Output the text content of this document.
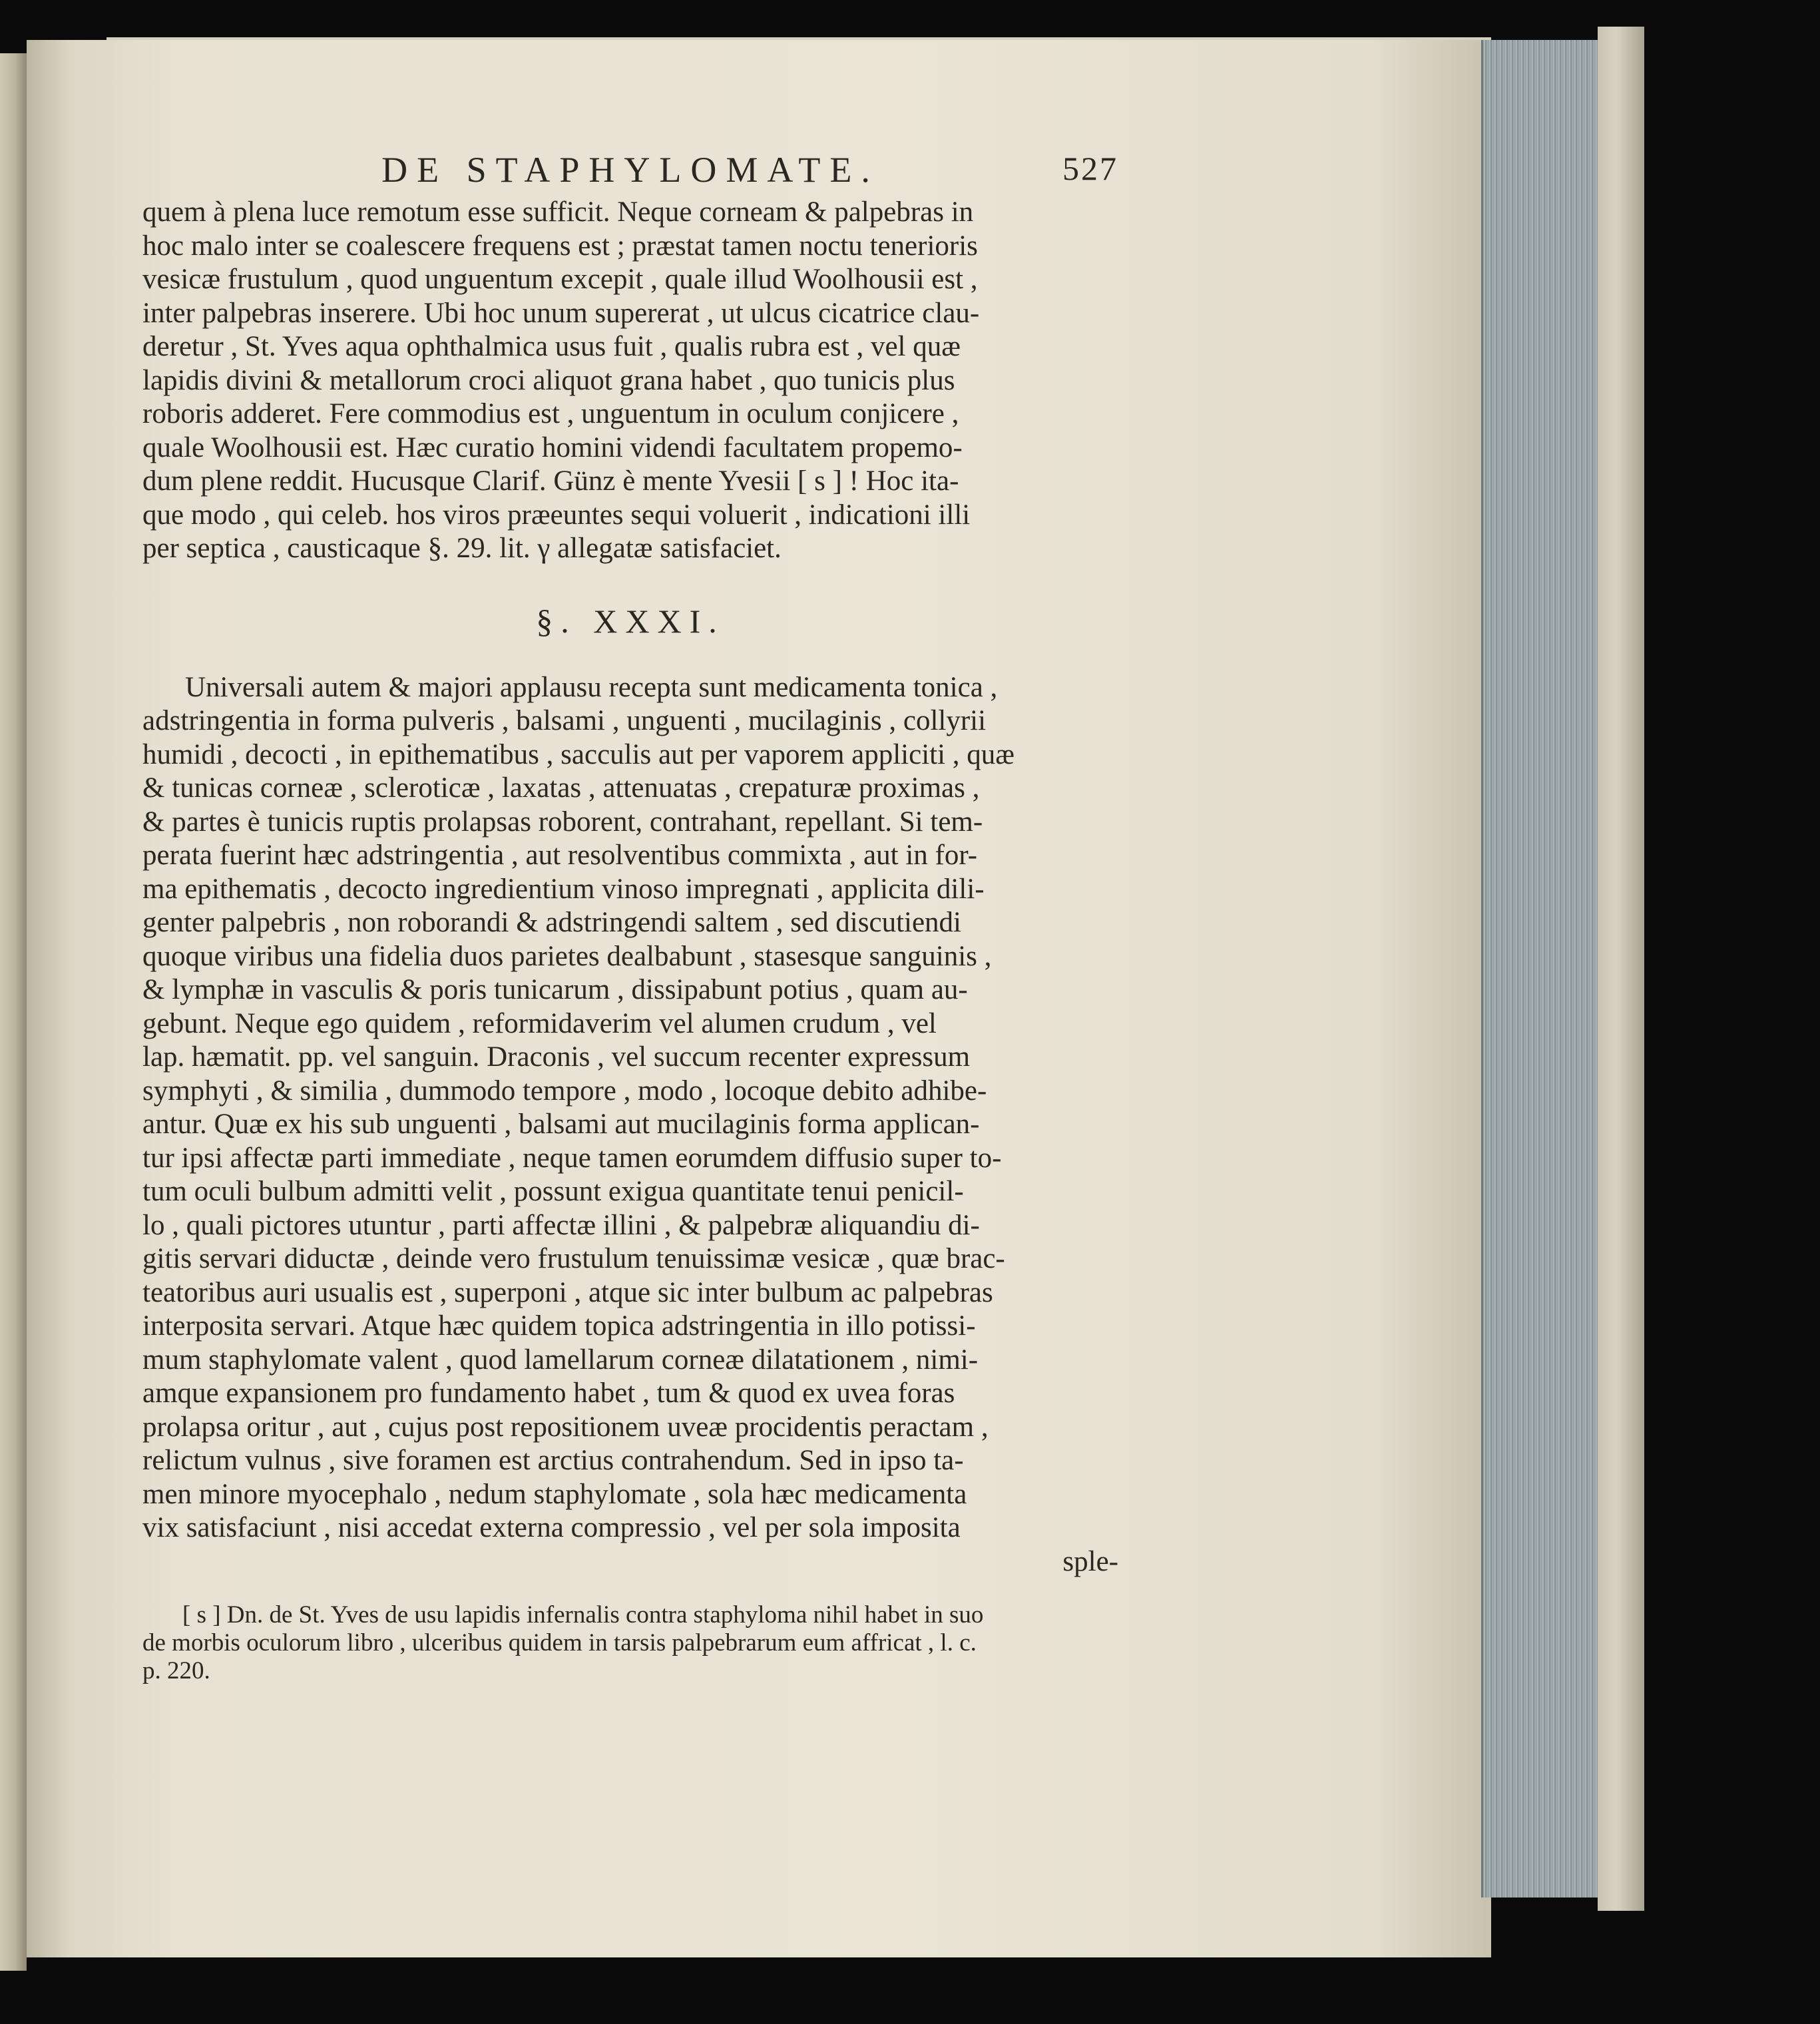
DE STAPHYLOMATE.	527

quem à plena luce remotum esse sufficit. Neque corneam & palpebras in
hoc malo inter se coalescere frequens est ; præstat tamen noctu tenerioris
vesicæ frustulum , quod unguentum excepit , quale illud Woolhousii est ,
inter palpebras inserere. Ubi hoc unum supererat , ut ulcus cicatrice clau-
deretur , St. Yves aqua ophthalmica usus fuit , qualis rubra est , vel quæ
lapidis divini & metallorum croci aliquot grana habet , quo tunicis plus
roboris adderet. Fere commodius est , unguentum in oculum conjicere ,
quale Woolhousii est. Hæc curatio homini videndi facultatem propemo-
dum plene reddit. Hucusque Clarif. Günz è mente Yvesii [ s ] ! Hoc ita-
que modo , qui celeb. hos viros præeuntes sequi voluerit , indicationi illi
per septica , causticaque §. 29. lit. γ allegatæ satisfaciet.

§. XXXI.

Universali autem & majori applausu recepta sunt medicamenta tonica ,
adstringentia in forma pulveris , balsami , unguenti , mucilaginis , collyrii
humidi , decocti , in epithematibus , sacculis aut per vaporem appliciti , quæ
& tunicas corneæ , scleroticæ , laxatas , attenuatas , crepaturæ proximas ,
& partes è tunicis ruptis prolapsas roborent, contrahant, repellant. Si tem-
perata fuerint hæc adstringentia , aut resolventibus commixta , aut in for-
ma epithematis , decocto ingredientium vinoso impregnati , applicita dili-
genter palpebris , non roborandi & adstringendi saltem , sed discutiendi
quoque viribus una fidelia duos parietes dealbabunt , stasesque sanguinis ,
& lymphæ in vasculis & poris tunicarum , dissipabunt potius , quam au-
gebunt. Neque ego quidem , reformidaverim vel alumen crudum , vel
lap. hæmatit. pp. vel sanguin. Draconis , vel succum recenter expressum
symphyti , & similia , dummodo tempore , modo , locoque debito adhibe-
antur. Quæ ex his sub unguenti , balsami aut mucilaginis forma applican-
tur ipsi affectæ parti immediate , neque tamen eorumdem diffusio super to-
tum oculi bulbum admitti velit , possunt exigua quantitate tenui penicil-
lo , quali pictores utuntur , parti affectæ illini , & palpebræ aliquandiu di-
gitis servari diductæ , deinde vero frustulum tenuissimæ vesicæ , quæ brac-
teatoribus auri usualis est , superponi , atque sic inter bulbum ac palpebras
interposita servari. Atque hæc quidem topica adstringentia in illo potissi-
mum staphylomate valent , quod lamellarum corneæ dilatationem , nimi-
amque expansionem pro fundamento habet , tum & quod ex uvea foras
prolapsa oritur , aut , cujus post repositionem uveæ procidentis peractam ,
relictum vulnus , sive foramen est arctius contrahendum. Sed in ipso ta-
men minore myocephalo , nedum staphylomate , sola hæc medicamenta
vix satisfaciunt , nisi accedat externa compressio , vel per sola imposita

sple-

[ s ] Dn. de St. Yves de usu lapidis infernalis contra staphyloma nihil habet in suo
de morbis oculorum libro , ulceribus quidem in tarsis palpebrarum eum affricat , l. c.
p. 220.
